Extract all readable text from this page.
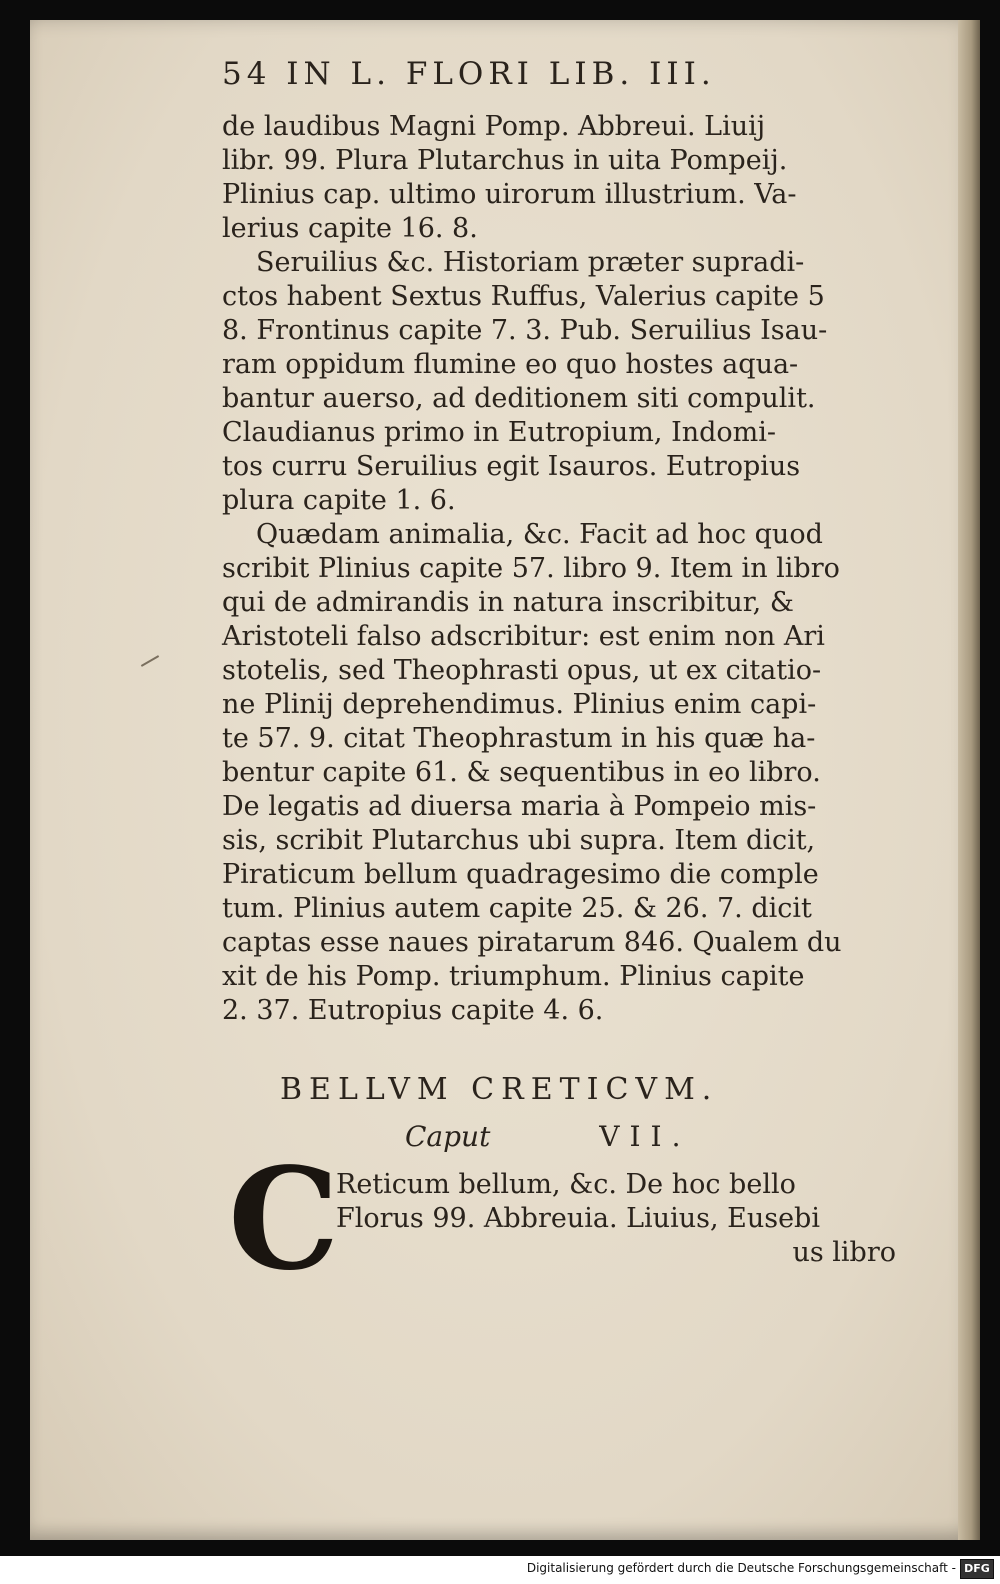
54 IN L. FLORI LIB. III.
de laudibus Magni Pomp. Abbreui. Liuij
libr. 99. Plura Plutarchus in uita Pompeij.
Plinius cap. ultimo uirorum illustrium. Va-
lerius capite 16. 8.
Seruilius &c. Historiam præter supradi-
ctos habent Sextus Ruffus, Valerius capite 5
8. Frontinus capite 7. 3. Pub. Seruilius Isau-
ram oppidum flumine eo quo hostes aqua-
bantur auerso, ad deditionem siti compulit.
Claudianus primo in Eutropium, Indomi-
tos curru Seruilius egit Isauros. Eutropius
plura capite 1. 6.
Quædam animalia, &c. Facit ad hoc quod
scribit Plinius capite 57. libro 9. Item in libro
qui de admirandis in natura inscribitur, &
Aristoteli falso adscribitur: est enim non Ari
stotelis, sed Theophrasti opus, ut ex citatio-
ne Plinij deprehendimus. Plinius enim capi-
te 57. 9. citat Theophrastum in his quæ ha-
bentur capite 61. & sequentibus in eo libro.
De legatis ad diuersa maria à Pompeio mis-
sis, scribit Plutarchus ubi supra. Item dicit,
Piraticum bellum quadragesimo die comple
tum. Plinius autem capite 25. & 26. 7. dicit
captas esse naues piratarum 846. Qualem du
xit de his Pomp. triumphum. Plinius capite
2. 37. Eutropius capite 4. 6.
BELLVM CRETICVM.
Caput	VII.
C
Reticum bellum, &c. De hoc bello
Florus 99. Abbreuia. Liuius, Eusebi
us libro
Digitalisierung gefördert durch die Deutsche Forschungsgemeinschaft - DFG
